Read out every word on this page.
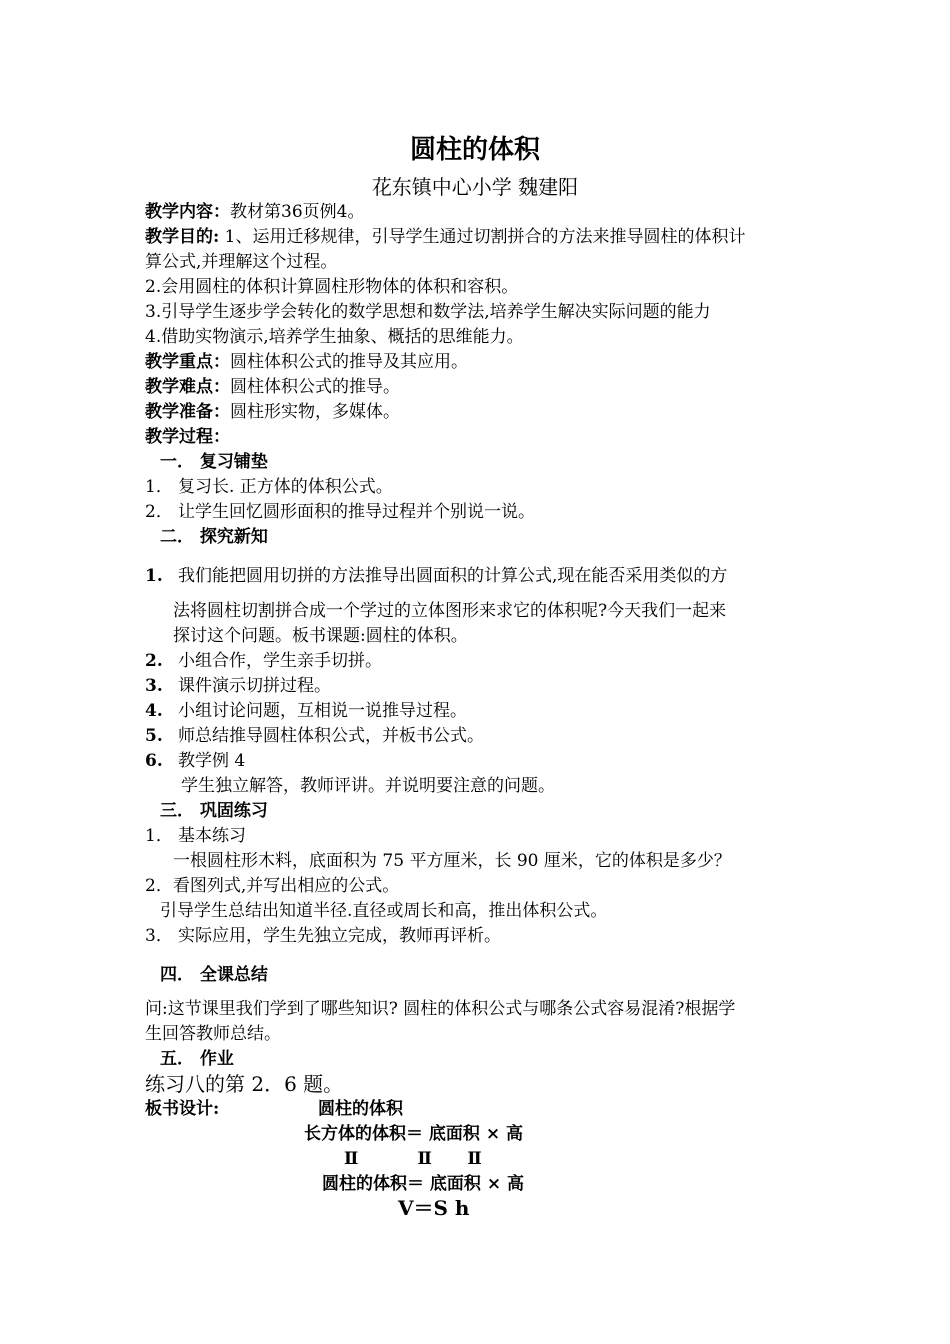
圆柱的体积
花东镇中心小学 魏建阳
教学内容：教材第36页例4。
教学目的: 1、运用迁移规律，引导学生通过切割拼合的方法来推导圆柱的体积计
算公式,并理解这个过程。
2.会用圆柱的体积计算圆柱形物体的体积和容积。
3.引导学生逐步学会转化的数学思想和数学法,培养学生解决实际问题的能力
4.借助实物演示,培养学生抽象、概括的思维能力。
教学重点：圆柱体积公式的推导及其应用。
教学难点：圆柱体积公式的推导。
教学准备：圆柱形实物，多媒体。
教学过程：
一． 复习铺垫
1． 复习长. 正方体的体积公式。
2． 让学生回忆圆形面积的推导过程并个别说一说。
二． 探究新知
1. 我们能把圆用切拼的方法推导出圆面积的计算公式,现在能否采用类似的方
法将圆柱切割拼合成一个学过的立体图形来求它的体积呢?今天我们一起来
探讨这个问题。板书课题:圆柱的体积。
2. 小组合作，学生亲手切拼。
3. 课件演示切拼过程。
4. 小组讨论问题，互相说一说推导过程。
5. 师总结推导圆柱体积公式，并板书公式。
6. 教学例 4
学生独立解答，教师评讲。并说明要注意的问题。
三． 巩固练习
1． 基本练习
一根圆柱形木料，底面积为 75 平方厘米，长 90 厘米，它的体积是多少？
2．看图列式,并写出相应的公式。
引导学生总结出知道半径.直径或周长和高，推出体积公式。
3． 实际应用，学生先独立完成，教师再评析。
四． 全课总结
问:这节课里我们学到了哪些知识? 圆柱的体积公式与哪条公式容易混淆?根据学
生回答教师总结。
五． 作业
练习八的第 2．6 题。
板书设计:	圆柱的体积
长方体的体积＝ 底面积 × 高
Ⅱ          Ⅱ      Ⅱ
圆柱的体积＝ 底面积 × 高
V＝S h
